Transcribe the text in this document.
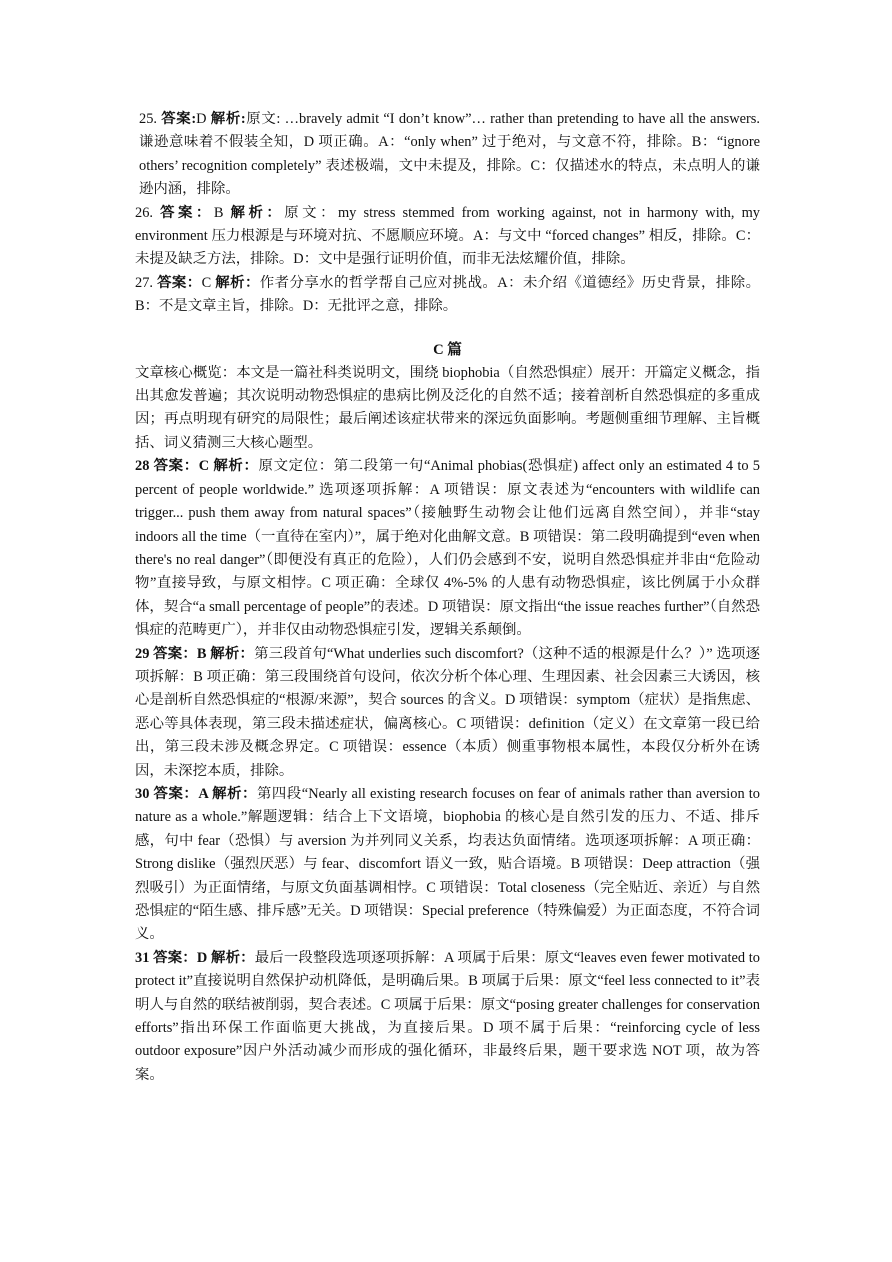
25. 答案:D 解析:原文: …bravely admit “I don’t know”… rather than pretending to have all the answers.谦逊意味着不假装全知，D 项正确。A：“only when” 过于绝对，与文意不符，排除。B：“ignore others’ recognition completely” 表述极端，文中未提及，排除。C：仅描述水的特点，未点明人的谦逊内涵，排除。

26. 答案：B 解析：原文：my stress stemmed from working against, not in harmony with, my environment 压力根源是与环境对抗、不愿顺应环境。A：与文中 “forced changes” 相反，排除。C：未提及缺乏方法，排除。D：文中是强行证明价值，而非无法炫耀价值，排除。

27. 答案：C 解析：作者分享水的哲学帮自己应对挑战。A：未介绍《道德经》历史背景，排除。B：不是文章主旨，排除。D：无批评之意，排除。

C 篇

文章核心概览：本文是一篇社科类说明文，围绕 biophobia（自然恐惧症）展开：开篇定义概念，指出其愈发普遍；其次说明动物恐惧症的患病比例及泛化的自然不适；接着剖析自然恐惧症的多重成因；再点明现有研究的局限性；最后阐述该症状带来的深远负面影响。考题侧重细节理解、主旨概括、词义猜测三大核心题型。

28 答案：C 解析：原文定位：第二段第一句“Animal phobias(恐惧症) affect only an estimated 4 to 5 percent of people worldwide.” 选项逐项拆解：A 项错误：原文表述为“encounters with wildlife can trigger... push them away from natural spaces”（接触野生动物会让他们远离自然空间），并非“stay indoors all the time（一直待在室内）”，属于绝对化曲解文意。B 项错误：第二段明确提到“even when there's no real danger”（即便没有真正的危险），人们仍会感到不安，说明自然恐惧症并非由“危险动物”直接导致，与原文相悖。C 项正确：全球仅 4%-5% 的人患有动物恐惧症，该比例属于小众群体，契合“a small percentage of people”的表述。D 项错误：原文指出“the issue reaches further”（自然恐惧症的范畴更广），并非仅由动物恐惧症引发，逻辑关系颠倒。

29 答案：B 解析：第三段首句“What underlies such discomfort?（这种不适的根源是什么？）” 选项逐项拆解：B 项正确：第三段围绕首句设问，依次分析个体心理、生理因素、社会因素三大诱因，核心是剖析自然恐惧症的“根源/来源”，契合 sources 的含义。D 项错误：symptom（症状）是指焦虑、恶心等具体表现，第三段未描述症状，偏离核心。C 项错误：definition（定义）在文章第一段已给出，第三段未涉及概念界定。C 项错误：essence（本质）侧重事物根本属性，本段仅分析外在诱因，未深挖本质，排除。

30 答案：A 解析：第四段“Nearly all existing research focuses on fear of animals rather than aversion to nature as a whole.”解题逻辑：结合上下文语境，biophobia 的核心是自然引发的压力、不适、排斥感，句中 fear（恐惧）与 aversion 为并列同义关系，均表达负面情绪。选项逐项拆解：A 项正确：Strong dislike（强烈厌恶）与 fear、discomfort 语义一致，贴合语境。B 项错误：Deep attraction（强烈吸引）为正面情绪，与原文负面基调相悖。C 项错误：Total closeness（完全贴近、亲近）与自然恐惧症的“陌生感、排斥感”无关。D 项错误：Special preference（特殊偏爱）为正面态度，不符合词义。

31 答案：D 解析：最后一段整段选项逐项拆解：A 项属于后果：原文“leaves even fewer motivated to protect it”直接说明自然保护动机降低，是明确后果。B 项属于后果：原文“feel less connected to it”表明人与自然的联结被削弱，契合表述。C 项属于后果：原文“posing greater challenges for conservation efforts”指出环保工作面临更大挑战，为直接后果。D 项不属于后果：“reinforcing cycle of less outdoor exposure”因户外活动减少而形成的强化循环，非最终后果，题干要求选 NOT 项，故为答案。
